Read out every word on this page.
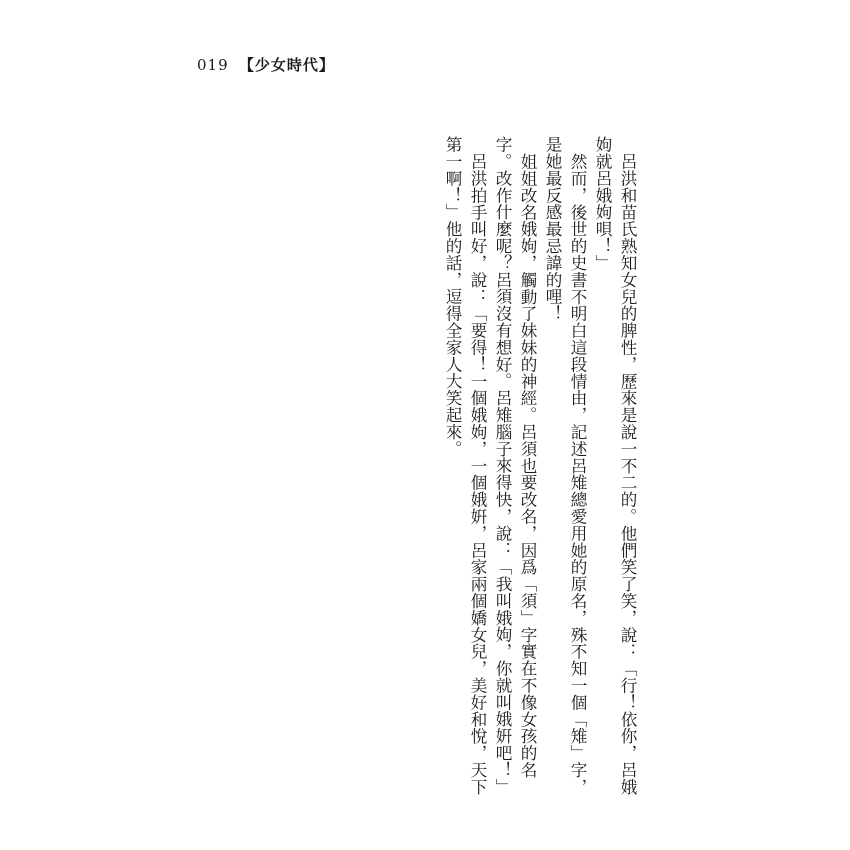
019 【少女時代】

呂洪和苗氏熟知女兒的脾性，歷來是說一不二的。他們笑了笑，說：「行！依你，呂娥姁就呂娥姁唄！」

然而，後世的史書不明白這段情由，記述呂雉總愛用她的原名，殊不知一個「雉」字，是她最反感最忌諱的哩！

姐姐改名娥姁，觸動了妹妹的神經。呂須也要改名，因爲「須」字實在不像女孩的名字。改作什麼呢？呂須沒有想好。呂雉腦子來得快，說：「我叫娥姁，你就叫娥姸吧！」

呂洪拍手叫好，說：「要得！一個娥姁，一個娥姸，呂家兩個嬌女兒，美好和悅，天下第一啊！」他的話，逗得全家人大笑起來。
